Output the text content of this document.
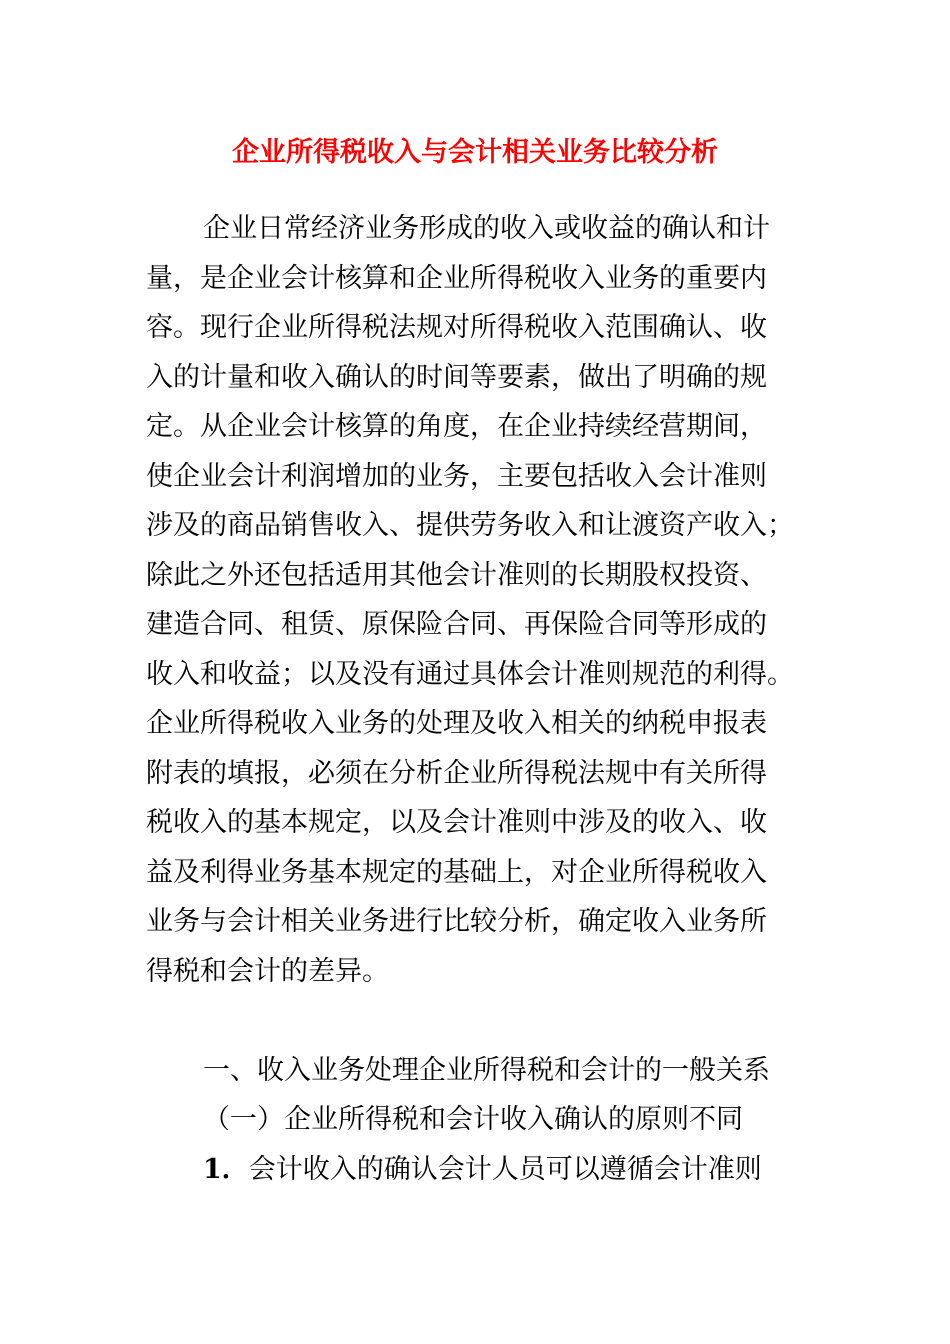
企业所得税收入与会计相关业务比较分析
企业日常经济业务形成的收入或收益的确认和计
量，是企业会计核算和企业所得税收入业务的重要内
容。现行企业所得税法规对所得税收入范围确认、收
入的计量和收入确认的时间等要素，做出了明确的规
定。从企业会计核算的角度，在企业持续经营期间，
使企业会计利润增加的业务，主要包括收入会计准则
涉及的商品销售收入、提供劳务收入和让渡资产收入；
除此之外还包括适用其他会计准则的长期股权投资、
建造合同、租赁、原保险合同、再保险合同等形成的
收入和收益；以及没有通过具体会计准则规范的利得。
企业所得税收入业务的处理及收入相关的纳税申报表
附表的填报，必须在分析企业所得税法规中有关所得
税收入的基本规定，以及会计准则中涉及的收入、收
益及利得业务基本规定的基础上，对企业所得税收入
业务与会计相关业务进行比较分析，确定收入业务所
得税和会计的差异。
一、收入业务处理企业所得税和会计的一般关系
（一）企业所得税和会计收入确认的原则不同
1．会计收入的确认会计人员可以遵循会计准则
